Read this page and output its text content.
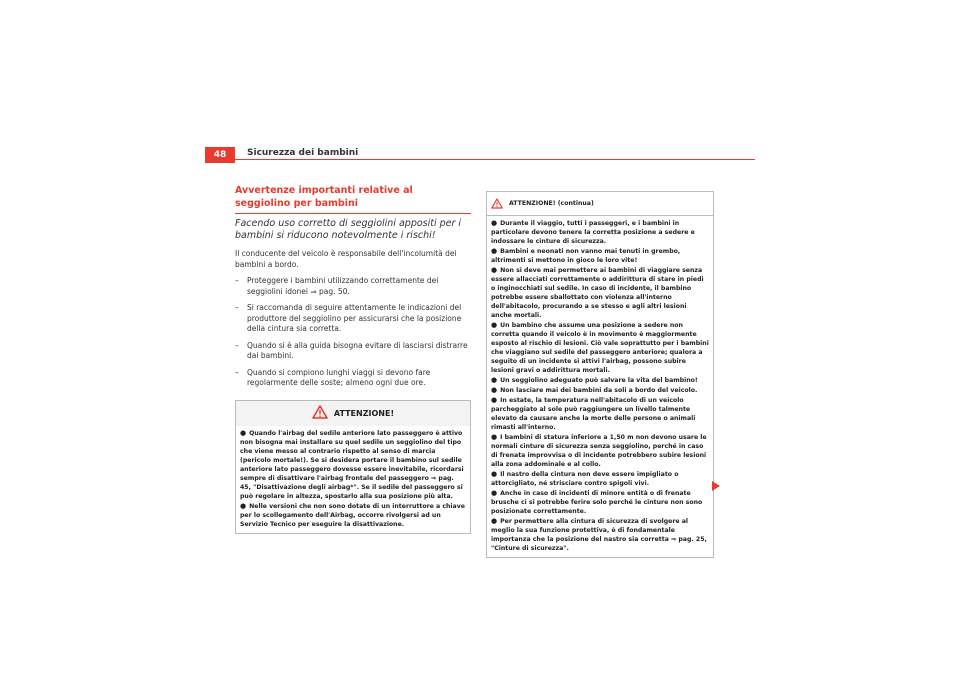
48	Sicurezza dei bambini
Avvertenze importanti relative al seggiolino per bambini
Facendo uso corretto di seggiolini appositi per i bambini si riducono notevolmente i rischi!
Il conducente del veicolo è responsabile dell'incolumità dei bambini a bordo.
– Proteggere i bambini utilizzando correttamente dei seggiolini idonei ⇒ pag. 50.
– Si raccomanda di seguire attentamente le indicazioni del produttore del seggiolino per assicurarsi che la posizione della cintura sia corretta.
– Quando si è alla guida bisogna evitare di lasciarsi distrarre dai bambini.
– Quando si compiono lunghi viaggi si devono fare regolarmente delle soste; almeno ogni due ore.
ATTENZIONE!
● Quando l'airbag del sedile anteriore lato passeggero è attivo non bisogna mai installare su quel sedile un seggiolino del tipo che viene messo al contrario rispetto al senso di marcia (pericolo mortale!). Se si desidera portare il bambino sul sedile anteriore lato passeggero dovesse essere inevitabile, ricordarsi sempre di disattivare l'airbag frontale del passeggero ⇒ pag. 45, "Disattivazione degli airbag*". Se il sedile del passeggero si può regolare in altezza, spostarlo alla sua posizione più alta.
● Nelle versioni che non sono dotate di un interruttore a chiave per lo scollegamento dell'Airbag, occorre rivolgersi ad un Servizio Tecnico per eseguire la disattivazione.
ATTENZIONE! (continua)
● Durante il viaggio, tutti i passeggeri, e i bambini in particolare devono tenere la corretta posizione a sedere e indossare le cinture di sicurezza.
● Bambini e neonati non vanno mai tenuti in grembo, altrimenti si mettono in gioco le loro vite!
● Non si deve mai permettere ai bambini di viaggiare senza essere allacciati correttamente o addirittura di stare in piedi o inginocchiati sul sedile. In caso di incidente, il bambino potrebbe essere sballottato con violenza all'interno dell'abitacolo, procurando a se stesso e agli altri lesioni anche mortali.
● Un bambino che assume una posizione a sedere non corretta quando il veicolo è in movimento è maggiormente esposto al rischio di lesioni. Ciò vale soprattutto per i bambini che viaggiano sul sedile del passeggero anteriore; qualora a seguito di un incidente si attivi l'airbag, possono subire lesioni gravi o addirittura mortali.
● Un seggiolino adeguato può salvare la vita del bambino!
● Non lasciare mai dei bambini da soli a bordo del veicolo.
● In estate, la temperatura nell'abitacolo di un veicolo parcheggiato al sole può raggiungere un livello talmente elevato da causare anche la morte delle persone o animali rimasti all'interno.
● I bambini di statura inferiore a 1,50 m non devono usare le normali cinture di sicurezza senza seggiolino, perché in caso di frenata improvvisa o di incidente potrebbero subire lesioni alla zona addominale e al collo.
● Il nastro della cintura non deve essere impigliato o attorcigliato, né strisciare contro spigoli vivi.
● Anche in caso di incidenti di minore entità o di frenate brusche ci si potrebbe ferire solo perché le cinture non sono posizionate correttamente.
● Per permettere alla cintura di sicurezza di svolgere al meglio la sua funzione protettiva, è di fondamentale importanza che la posizione del nastro sia corretta ⇒ pag. 25, "Cinture di sicurezza".
